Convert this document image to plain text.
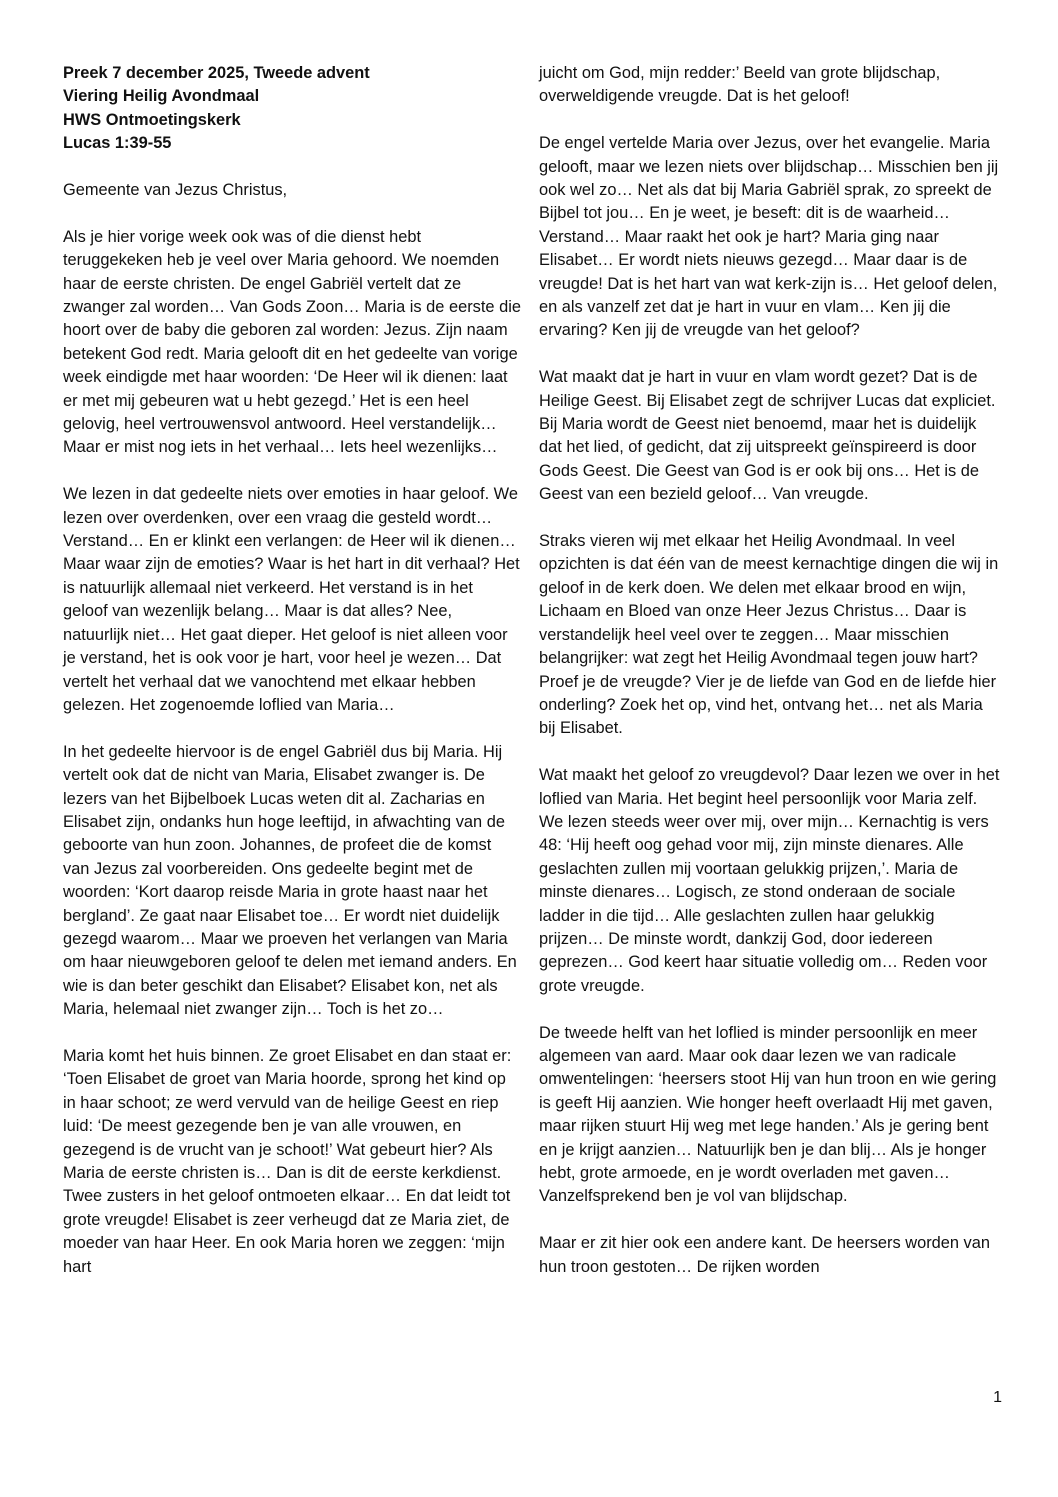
Preek 7 december 2025, Tweede advent
Viering Heilig Avondmaal
HWS Ontmoetingskerk
Lucas 1:39-55

Gemeente van Jezus Christus,

Als je hier vorige week ook was of die dienst hebt teruggekeken heb je veel over Maria gehoord. We noemden haar de eerste christen. De engel Gabriël vertelt dat ze zwanger zal worden… Van Gods Zoon… Maria is de eerste die hoort over de baby die geboren zal worden: Jezus. Zijn naam betekent God redt. Maria gelooft dit en het gedeelte van vorige week eindigde met haar woorden: ‘De Heer wil ik dienen: laat er met mij gebeuren wat u hebt gezegd.’ Het is een heel gelovig, heel vertrouwensvol antwoord. Heel verstandelijk… Maar er mist nog iets in het verhaal… Iets heel wezenlijks…

We lezen in dat gedeelte niets over emoties in haar geloof. We lezen over overdenken, over een vraag die gesteld wordt… Verstand… En er klinkt een verlangen: de Heer wil ik dienen… Maar waar zijn de emoties? Waar is het hart in dit verhaal? Het is natuurlijk allemaal niet verkeerd. Het verstand is in het geloof van wezenlijk belang… Maar is dat alles? Nee, natuurlijk niet… Het gaat dieper. Het geloof is niet alleen voor je verstand, het is ook voor je hart, voor heel je wezen… Dat vertelt het verhaal dat we vanochtend met elkaar hebben gelezen. Het zogenoemde loflied van Maria…

In het gedeelte hiervoor is de engel Gabriël dus bij Maria. Hij vertelt ook dat de nicht van Maria, Elisabet zwanger is. De lezers van het Bijbelboek Lucas weten dit al. Zacharias en Elisabet zijn, ondanks hun hoge leeftijd, in afwachting van de geboorte van hun zoon. Johannes, de profeet die de komst van Jezus zal voorbereiden. Ons gedeelte begint met de woorden: ‘Kort daarop reisde Maria in grote haast naar het bergland’. Ze gaat naar Elisabet toe… Er wordt niet duidelijk gezegd waarom… Maar we proeven het verlangen van Maria om haar nieuwgeboren geloof te delen met iemand anders. En wie is dan beter geschikt dan Elisabet? Elisabet kon, net als Maria, helemaal niet zwanger zijn… Toch is het zo…

Maria komt het huis binnen. Ze groet Elisabet en dan staat er: ‘Toen Elisabet de groet van Maria hoorde, sprong het kind op in haar schoot; ze werd vervuld van de heilige Geest en riep luid: ‘De meest gezegende ben je van alle vrouwen, en gezegend is de vrucht van je schoot!’ Wat gebeurt hier? Als Maria de eerste christen is… Dan is dit de eerste kerkdienst. Twee zusters in het geloof ontmoeten elkaar… En dat leidt tot grote vreugde! Elisabet is zeer verheugd dat ze Maria ziet, de moeder van haar Heer. En ook Maria horen we zeggen: ‘mijn hart

juicht om God, mijn redder:’ Beeld van grote blijdschap, overweldigende vreugde. Dat is het geloof!

De engel vertelde Maria over Jezus, over het evangelie. Maria gelooft, maar we lezen niets over blijdschap… Misschien ben jij ook wel zo… Net als dat bij Maria Gabriël sprak, zo spreekt de Bijbel tot jou… En je weet, je beseft: dit is de waarheid… Verstand… Maar raakt het ook je hart? Maria ging naar Elisabet… Er wordt niets nieuws gezegd… Maar daar is de vreugde! Dat is het hart van wat kerk-zijn is… Het geloof delen, en als vanzelf zet dat je hart in vuur en vlam… Ken jij die ervaring? Ken jij de vreugde van het geloof?

Wat maakt dat je hart in vuur en vlam wordt gezet? Dat is de Heilige Geest. Bij Elisabet zegt de schrijver Lucas dat expliciet. Bij Maria wordt de Geest niet benoemd, maar het is duidelijk dat het lied, of gedicht, dat zij uitspreekt geïnspireerd is door Gods Geest. Die Geest van God is er ook bij ons… Het is de Geest van een bezield geloof… Van vreugde.

Straks vieren wij met elkaar het Heilig Avondmaal. In veel opzichten is dat één van de meest kernachtige dingen die wij in geloof in de kerk doen. We delen met elkaar brood en wijn, Lichaam en Bloed van onze Heer Jezus Christus… Daar is verstandelijk heel veel over te zeggen… Maar misschien belangrijker: wat zegt het Heilig Avondmaal tegen jouw hart? Proef je de vreugde? Vier je de liefde van God en de liefde hier onderling? Zoek het op, vind het, ontvang het… net als Maria bij Elisabet.

Wat maakt het geloof zo vreugdevol? Daar lezen we over in het loflied van Maria. Het begint heel persoonlijk voor Maria zelf. We lezen steeds weer over mij, over mijn… Kernachtig is vers 48: ‘Hij heeft oog gehad voor mij, zijn minste dienares. Alle geslachten zullen mij voortaan gelukkig prijzen,’. Maria de minste dienares… Logisch, ze stond onderaan de sociale ladder in die tijd… Alle geslachten zullen haar gelukkig prijzen… De minste wordt, dankzij God, door iedereen geprezen… God keert haar situatie volledig om… Reden voor grote vreugde.

De tweede helft van het loflied is minder persoonlijk en meer algemeen van aard. Maar ook daar lezen we van radicale omwentelingen: ‘heersers stoot Hij van hun troon en wie gering is geeft Hij aanzien. Wie honger heeft overlaadt Hij met gaven, maar rijken stuurt Hij weg met lege handen.’ Als je gering bent en je krijgt aanzien… Natuurlijk ben je dan blij… Als je honger hebt, grote armoede, en je wordt overladen met gaven… Vanzelfsprekend ben je vol van blijdschap.

Maar er zit hier ook een andere kant. De heersers worden van hun troon gestoten… De rijken worden

1
